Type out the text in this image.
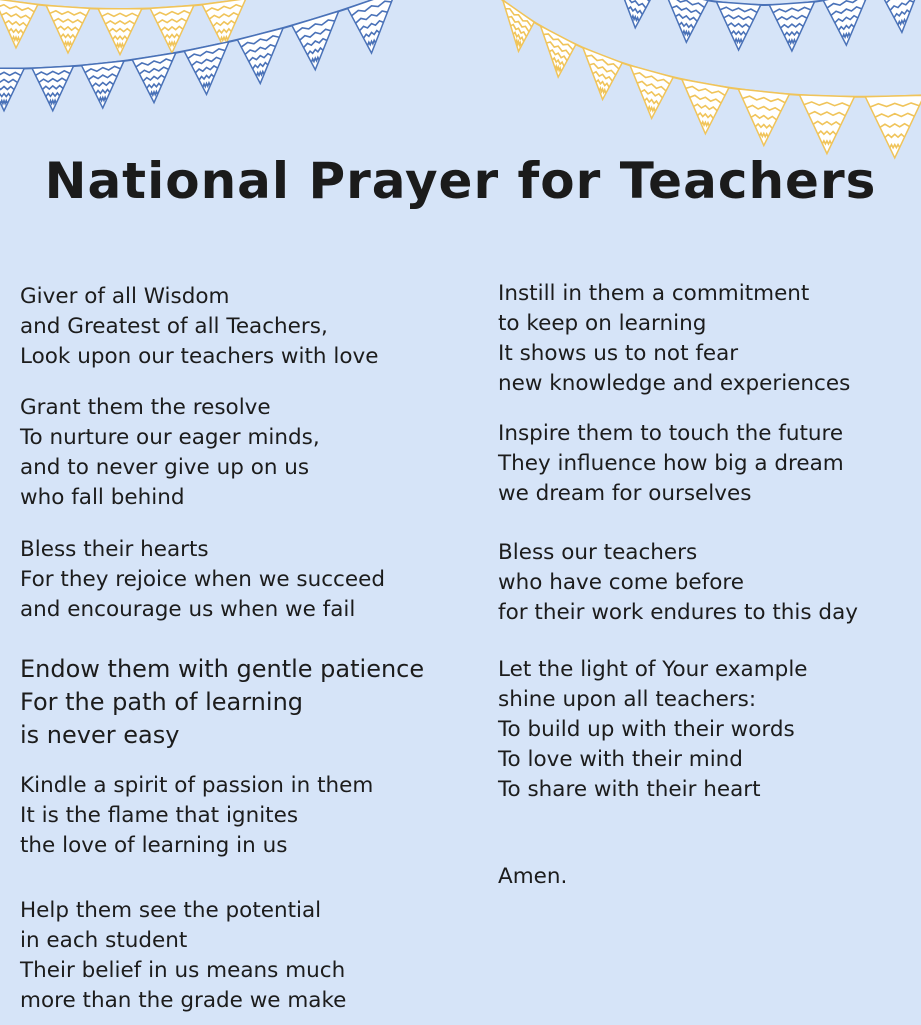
National Prayer for Teachers
Giver of all Wisdom
and Greatest of all Teachers,
Look upon our teachers with love
Grant them the resolve
To nurture our eager minds,
and to never give up on us
who fall behind
Bless their hearts
For they rejoice when we succeed
and encourage us when we fail
Endow them with gentle patience
For the path of learning
is never easy
Kindle a spirit of passion in them
It is the flame that ignites
the love of learning in us
Help them see the potential
in each student
Their belief in us means much
more than the grade we make
Instill in them a commitment
to keep on learning
It shows us to not fear
new knowledge and experiences
Inspire them to touch the future
They influence how big a dream
we dream for ourselves
Bless our teachers
who have come before
for their work endures to this day
Let the light of Your example
shine upon all teachers:
To build up with their words
To love with their mind
To share with their heart
Amen.
